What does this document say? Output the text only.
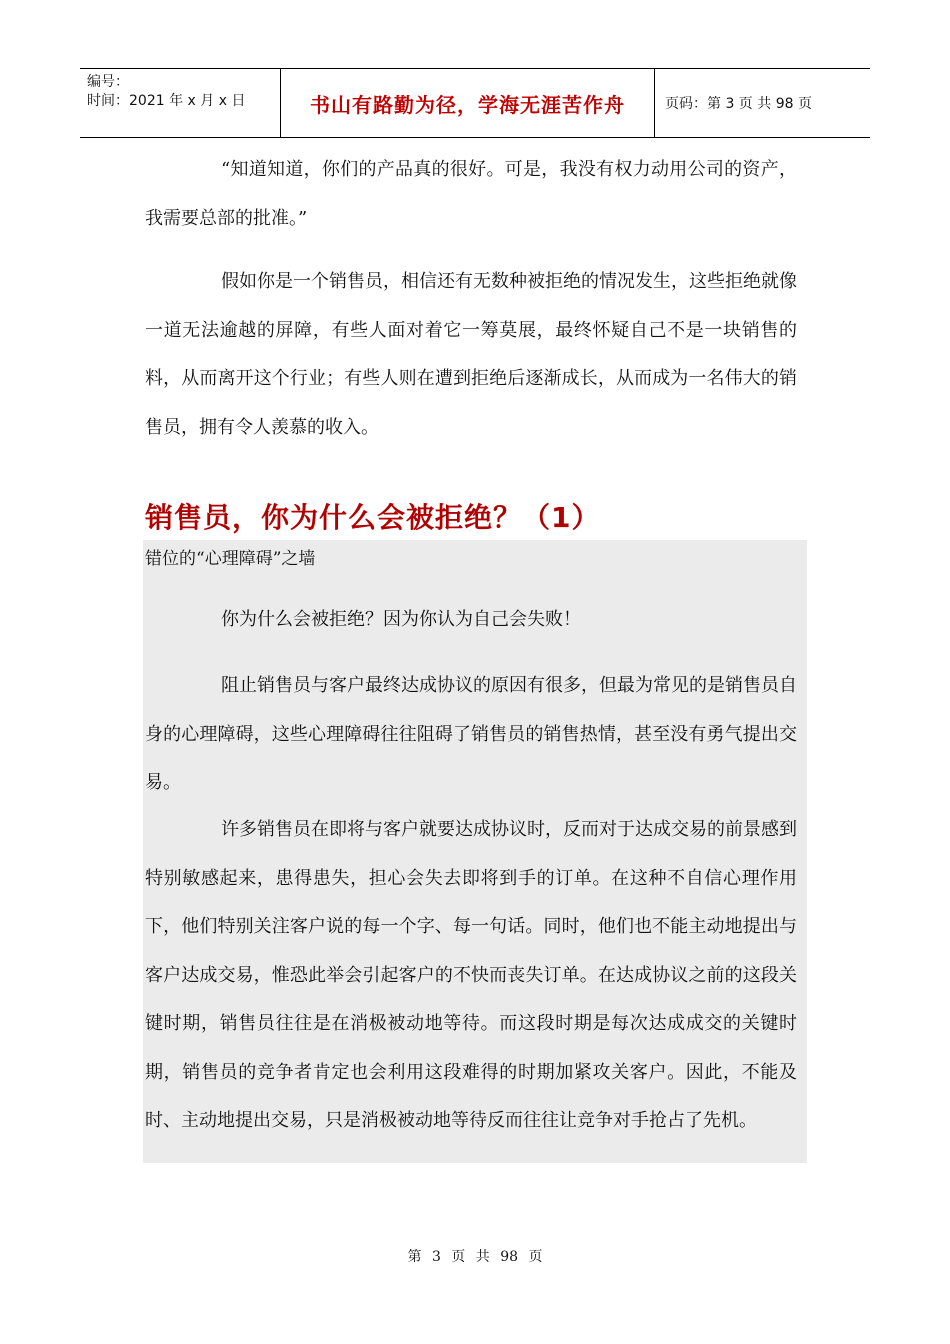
编号：
时间：2021 年 x 月 x 日	书山有路勤为径，学海无涯苦作舟	页码：第 3 页 共 98 页

“知道知道，你们的产品真的很好。可是，我没有权力动用公司的资产，我需要总部的批准。”

假如你是一个销售员，相信还有无数种被拒绝的情况发生，这些拒绝就像一道无法逾越的屏障，有些人面对着它一筹莫展，最终怀疑自己不是一块销售的料，从而离开这个行业；有些人则在遭到拒绝后逐渐成长，从而成为一名伟大的销售员，拥有令人羡慕的收入。

销售员，你为什么会被拒绝？（1）

错位的“心理障碍”之墙

你为什么会被拒绝？因为你认为自己会失败！

阻止销售员与客户最终达成协议的原因有很多，但最为常见的是销售员自身的心理障碍，这些心理障碍往往阻碍了销售员的销售热情，甚至没有勇气提出交易。

许多销售员在即将与客户就要达成协议时，反而对于达成交易的前景感到特别敏感起来，患得患失，担心会失去即将到手的订单。在这种不自信心理作用下，他们特别关注客户说的每一个字、每一句话。同时，他们也不能主动地提出与客户达成交易，惟恐此举会引起客户的不快而丧失订单。在达成协议之前的这段关键时期，销售员往往是在消极被动地等待。而这段时期是每次达成成交的关键时期，销售员的竞争者肯定也会利用这段难得的时期加紧攻关客户。因此，不能及时、主动地提出交易，只是消极被动地等待反而往往让竞争对手抢占了先机。

第 3 页 共 98 页
